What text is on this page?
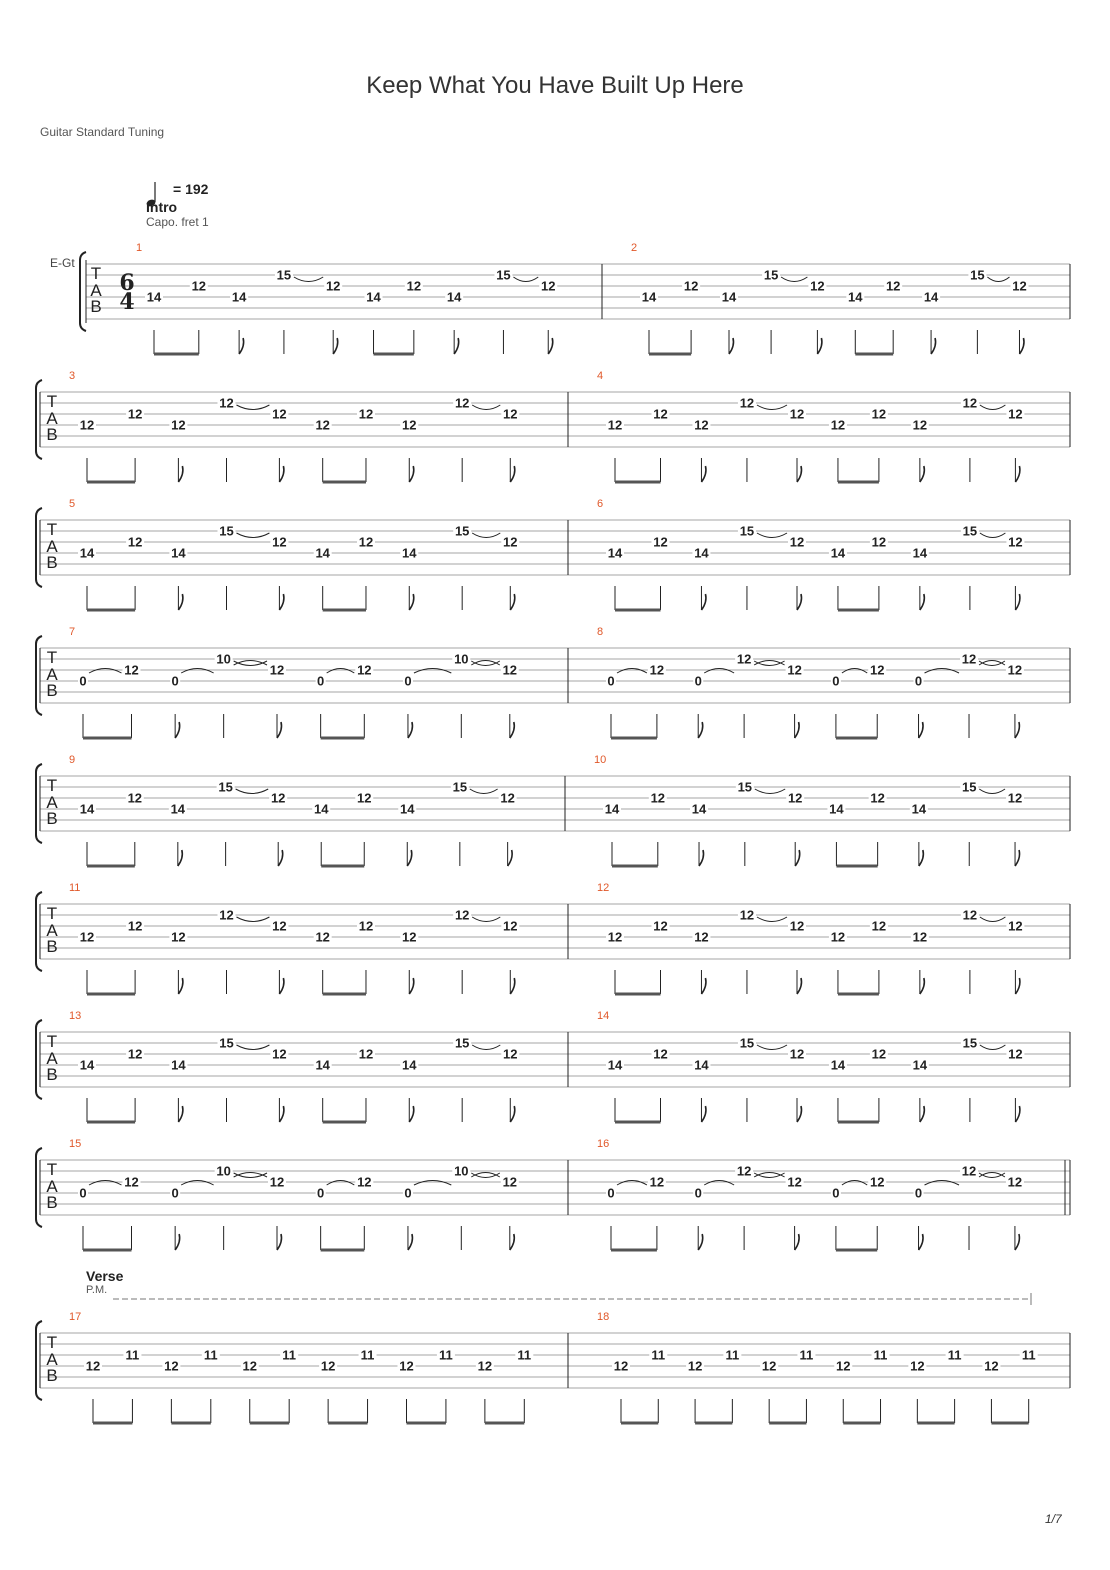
Keep What You Have Built Up Here
Guitar Standard Tuning
= 192
Intro
Capo. fret 1
E-Gt
Verse
P.M.
1/7
T
A
B
6
4
1
14
12
14
15
12
14
12
14
15
12
2
14
12
14
15
12
14
12
14
15
12
T
A
B
3
12
12
12
12
12
12
12
12
12
12
4
12
12
12
12
12
12
12
12
12
12
T
A
B
5
14
12
14
15
12
14
12
14
15
12
6
14
12
14
15
12
14
12
14
15
12
T
A
B
7
0
12
0
10
12
0
12
0
10
12
8
0
12
0
12
12
0
12
0
12
12
T
A
B
9
14
12
14
15
12
14
12
14
15
12
10
14
12
14
15
12
14
12
14
15
12
T
A
B
11
12
12
12
12
12
12
12
12
12
12
12
12
12
12
12
12
12
12
12
12
12
T
A
B
13
14
12
14
15
12
14
12
14
15
12
14
14
12
14
15
12
14
12
14
15
12
T
A
B
15
0
12
0
10
12
0
12
0
10
12
16
0
12
0
12
12
0
12
0
12
12
T
A
B
17
12
11
12
11
12
11
12
11
12
11
12
11
18
12
11
12
11
12
11
12
11
12
11
12
11
